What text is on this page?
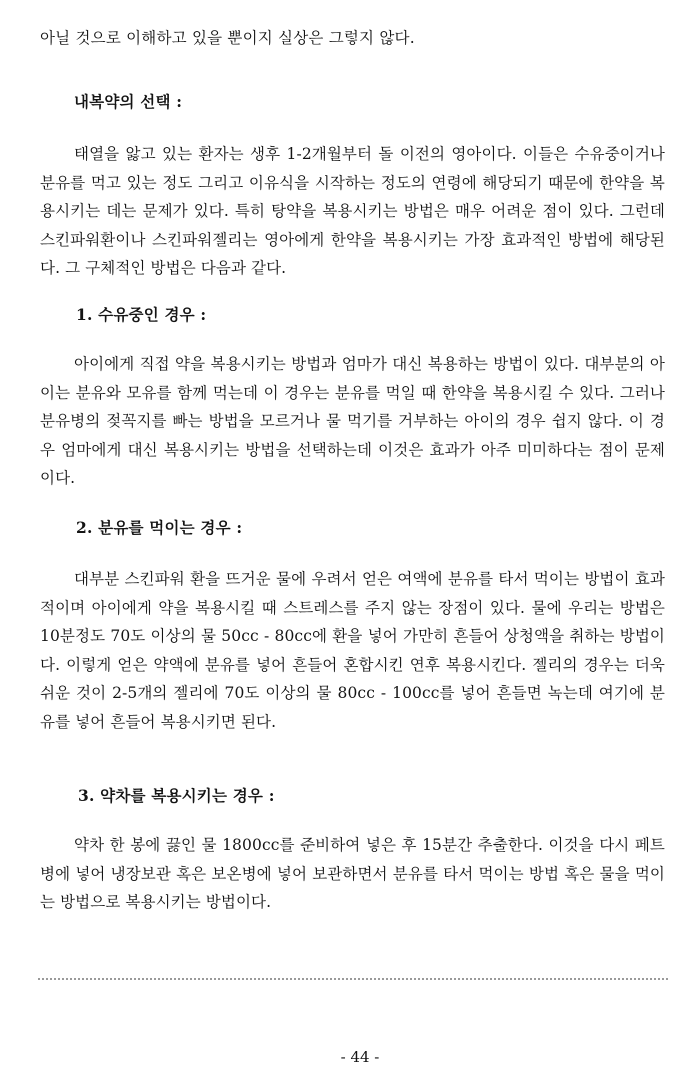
아닐 것으로 이해하고 있을 뿐이지 실상은 그렇지 않다.

내복약의 선택 :

태열을 앓고 있는 환자는 생후 1-2개월부터 돌 이전의 영아이다. 이들은 수유중이거나 분유를 먹고 있는 정도 그리고 이유식을 시작하는 정도의 연령에 해당되기 때문에 한약을 복용시키는 데는 문제가 있다. 특히 탕약을 복용시키는 방법은 매우 어려운 점이 있다. 그런데 스킨파워환이나 스킨파워젤리는 영아에게 한약을 복용시키는 가장 효과적인 방법에 해당된다. 그 구체적인 방법은 다음과 같다.

1. 수유중인 경우 :

아이에게 직접 약을 복용시키는 방법과 엄마가 대신 복용하는 방법이 있다. 대부분의 아이는 분유와 모유를 함께 먹는데 이 경우는 분유를 먹일 때 한약을 복용시킬 수 있다. 그러나 분유병의 젖꼭지를 빠는 방법을 모르거나 물 먹기를 거부하는 아이의 경우 쉽지 않다. 이 경우 엄마에게 대신 복용시키는 방법을 선택하는데 이것은 효과가 아주 미미하다는 점이 문제이다.

2. 분유를 먹이는 경우 :

대부분 스킨파워 환을 뜨거운 물에 우려서 얻은 여액에 분유를 타서 먹이는 방법이 효과적이며 아이에게 약을 복용시킬 때 스트레스를 주지 않는 장점이 있다. 물에 우리는 방법은 10분정도 70도 이상의 물 50cc - 80cc에 환을 넣어 가만히 흔들어 상청액을 취하는 방법이다. 이렇게 얻은 약액에 분유를 넣어 흔들어 혼합시킨 연후 복용시킨다. 젤리의 경우는 더욱 쉬운 것이 2-5개의 젤리에 70도 이상의 물 80cc - 100cc를 넣어 흔들면 녹는데 여기에 분유를 넣어 흔들어 복용시키면 된다.

3. 약차를 복용시키는 경우 :

약차 한 봉에 끓인 물 1800cc를 준비하여 넣은 후 15분간 추출한다. 이것을 다시 페트병에 넣어 냉장보관 혹은 보온병에 넣어 보관하면서 분유를 타서 먹이는 방법 혹은 물을 먹이는 방법으로 복용시키는 방법이다.

- 44 -
